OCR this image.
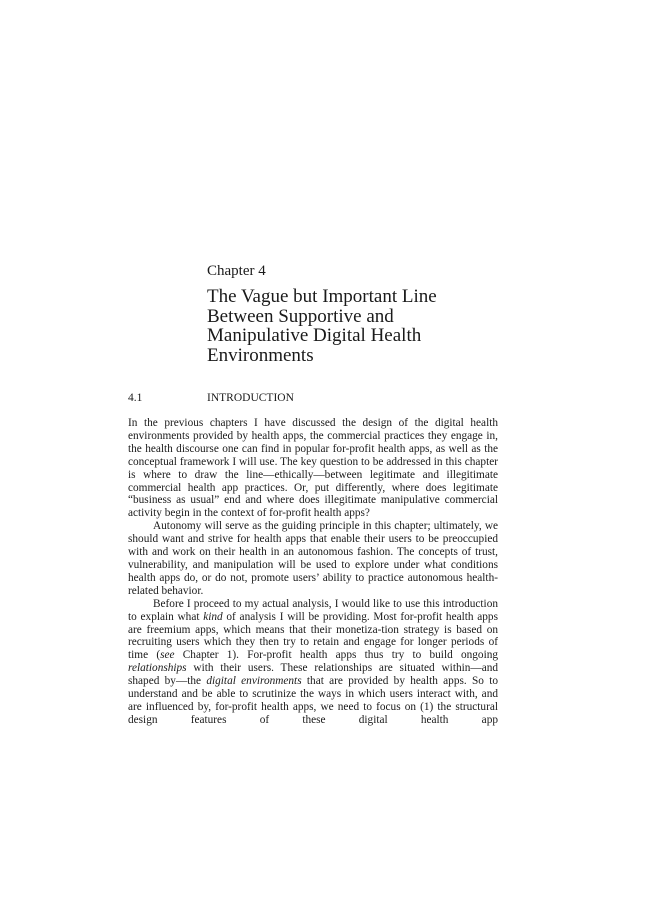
Chapter 4
The Vague but Important Line
Between Supportive and
Manipulative Digital Health
Environments
4.1	INTRODUCTION

In the previous chapters I have discussed the design of the digital health environments provided by health apps, the commercial practices they engage in, the health discourse one can find in popular for-profit health apps, as well as the conceptual framework I will use. The key question to be addressed in this chapter is where to draw the line—ethically—between legitimate and illegitimate commercial health app practices. Or, put differently, where does legitimate “business as usual” end and where does illegitimate manipulative commercial activity begin in the context of for-profit health apps?

Autonomy will serve as the guiding principle in this chapter; ultimately, we should want and strive for health apps that enable their users to be preoccupied with and work on their health in an autonomous fashion. The concepts of trust, vulnerability, and manipulation will be used to explore under what conditions health apps do, or do not, promote users’ ability to practice autonomous health-related behavior.

Before I proceed to my actual analysis, I would like to use this introduction to explain what kind of analysis I will be providing. Most for-profit health apps are freemium apps, which means that their monetiza-tion strategy is based on recruiting users which they then try to retain and engage for longer periods of time (see Chapter 1). For-profit health apps thus try to build ongoing relationships with their users. These relationships are situated within—and shaped by—the digital environments that are provided by health apps. So to understand and be able to scrutinize the ways in which users interact with, and are influenced by, for-profit health apps, we need to focus on (1) the structural design features of these digital health app
